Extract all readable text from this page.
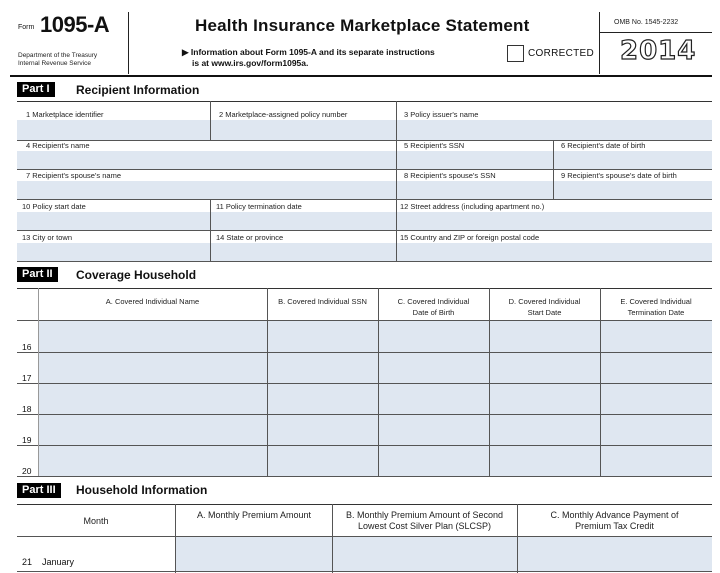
Form 1095-A
Department of the Treasury
Internal Revenue Service
Health Insurance Marketplace Statement
▶ Information about Form 1095-A and its separate instructions
is at www.irs.gov/form1095a.
CORRECTED
OMB No. 1545-2232
2014
Part I	Recipient Information
1 Marketplace identifier	2 Marketplace-assigned policy number	3 Policy issuer's name
4 Recipient's name	5 Recipient's SSN	6 Recipient's date of birth
7 Recipient's spouse's name	8 Recipient's spouse's SSN	9 Recipient's spouse's date of birth
10 Policy start date	11 Policy termination date	12 Street address (including apartment no.)
13 City or town	14 State or province	15 Country and ZIP or foreign postal code
Part II	Coverage Household
A. Covered Individual Name	B. Covered Individual SSN	C. Covered Individual
Date of Birth
D. Covered Individual
Start Date
E. Covered Individual
Termination Date
16
17
18
19
20
Part III	Household Information
Month
A. Monthly Premium Amount	B. Monthly Premium Amount of Second
Lowest Cost Silver Plan (SLCSP)
C. Monthly Advance Payment of
Premium Tax Credit
21 January
